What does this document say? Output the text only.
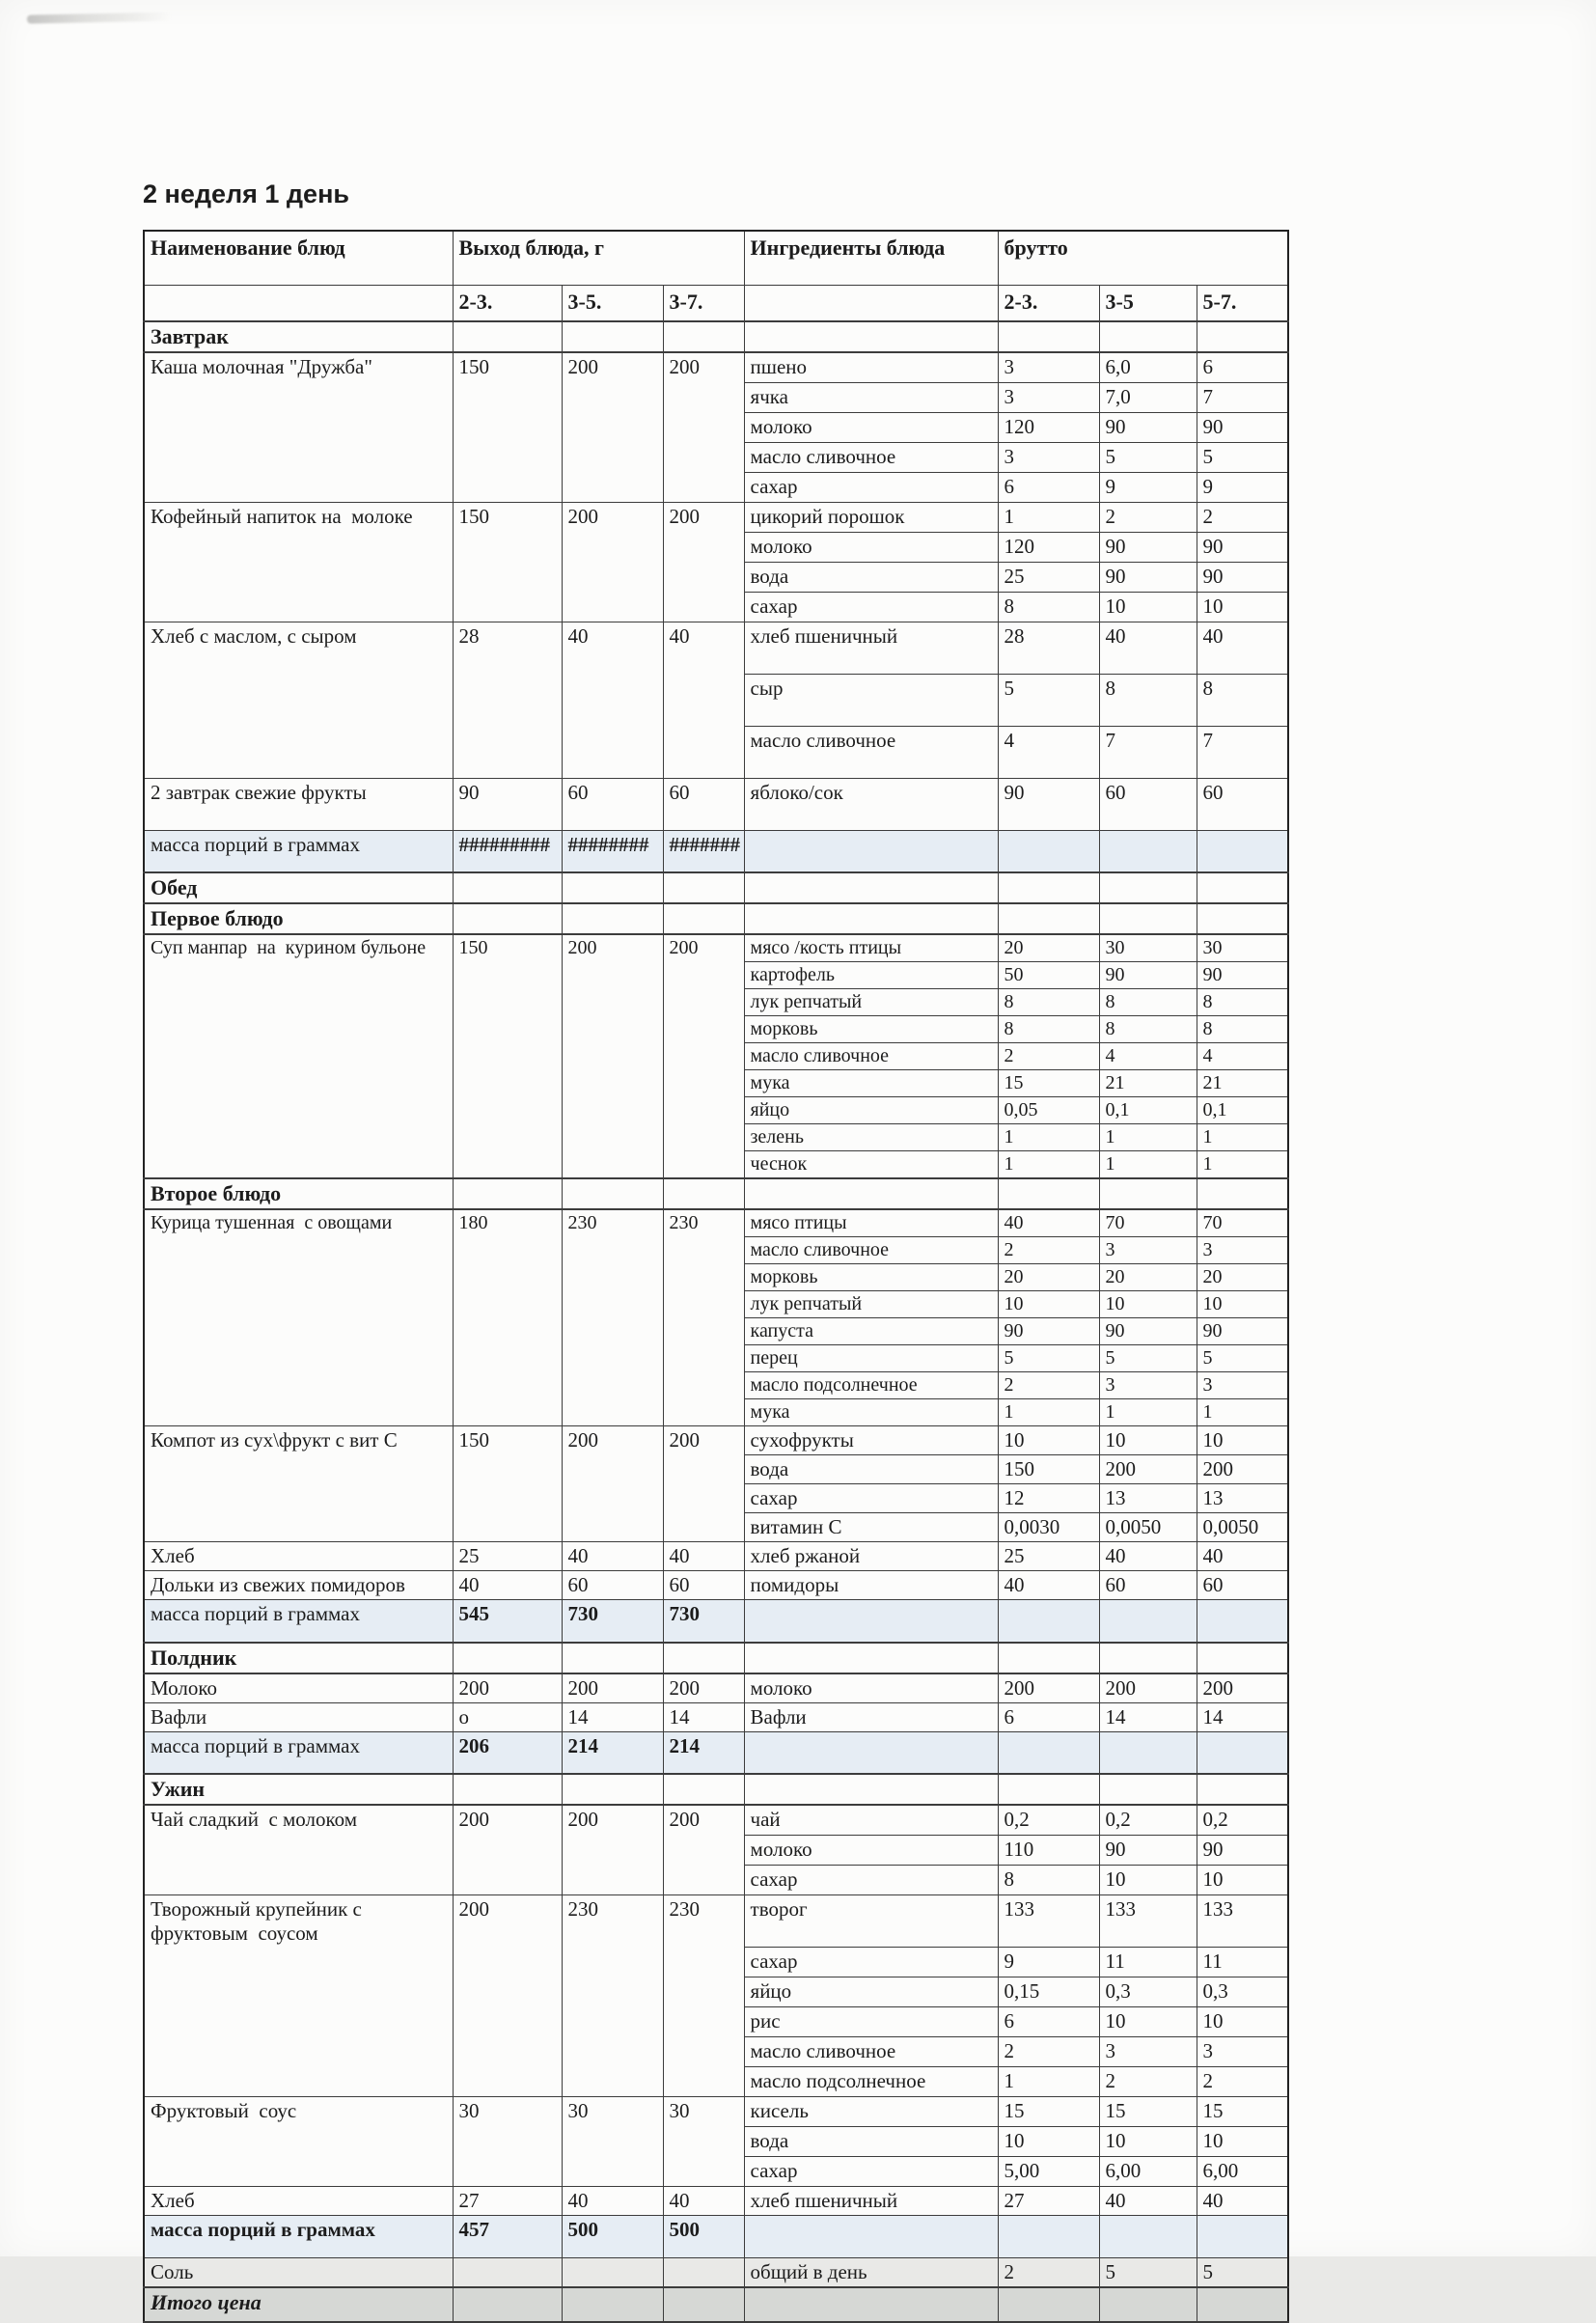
2 неделя 1 день
Наименование блюд	Выход блюда, г			Ингредиенты блюда	брутто		
	2-3.	3-5.	3-7.		2-3.	3-5	5-7.
Завтрак							
Каша молочная "Дружба"	150	200	200	пшено	3	6,0	6
				ячка	3	7,0	7
				молоко	120	90	90
				масло сливочное	3	5	5
				сахар	6	9	9
Кофейный напиток на  молоке	150	200	200	цикорий порошок	1	2	2
				молоко	120	90	90
				вода	25	90	90
				сахар	8	10	10
Хлеб с маслом, с сыром	28	40	40	хлеб пшеничный	28	40	40
				сыр	5	8	8
				масло сливочное	4	7	7
2 завтрак свежие фрукты	90	60	60	яблоко/сок	90	60	60
масса порций в граммах	#########	########	#######				
Обед							
Первое блюдо							
Суп манпар  на  курином бульоне	150	200	200	мясо /кость птицы	20	30	30
				картофель	50	90	90
				лук репчатый	8	8	8
				морковь	8	8	8
				масло сливочное	2	4	4
				мука	15	21	21
				яйцо	0,05	0,1	0,1
				зелень	1	1	1
				чеснок	1	1	1
Второе блюдо							
Курица тушенная  с овощами	180	230	230	мясо птицы	40	70	70
				масло сливочное	2	3	3
				морковь	20	20	20
				лук репчатый	10	10	10
				капуста	90	90	90
				перец	5	5	5
				масло подсолнечное	2	3	3
				мука	1	1	1
Компот из сух\фрукт с вит С	150	200	200	сухофрукты	10	10	10
				вода	150	200	200
				сахар	12	13	13
				витамин С	0,0030	0,0050	0,0050
Хлеб	25	40	40	хлеб ржаной	25	40	40
Дольки из свежих помидоров	40	60	60	помидоры	40	60	60
масса порций в граммах	545	730	730				
Полдник							
Молоко	200	200	200	молоко	200	200	200
Вафли	о	14	14	Вафли	6	14	14
масса порций в граммах	206	214	214				
Ужин							
Чай сладкий  с молоком	200	200	200	чай	0,2	0,2	0,2
				молоко	110	90	90
				сахар	8	10	10
Творожный крупейник с фруктовым  соусом	200	230	230	творог	133	133	133
				сахар	9	11	11
				яйцо	0,15	0,3	0,3
				рис	6	10	10
				масло сливочное	2	3	3
				масло подсолнечное	1	2	2
Фруктовый  соус	30	30	30	кисель	15	15	15
				вода	10	10	10
				сахар	5,00	6,00	6,00
Хлеб	27	40	40	хлеб пшеничный	27	40	40
масса порций в граммах	457	500	500				
Соль				общий в день	2	5	5
Итого цена							
